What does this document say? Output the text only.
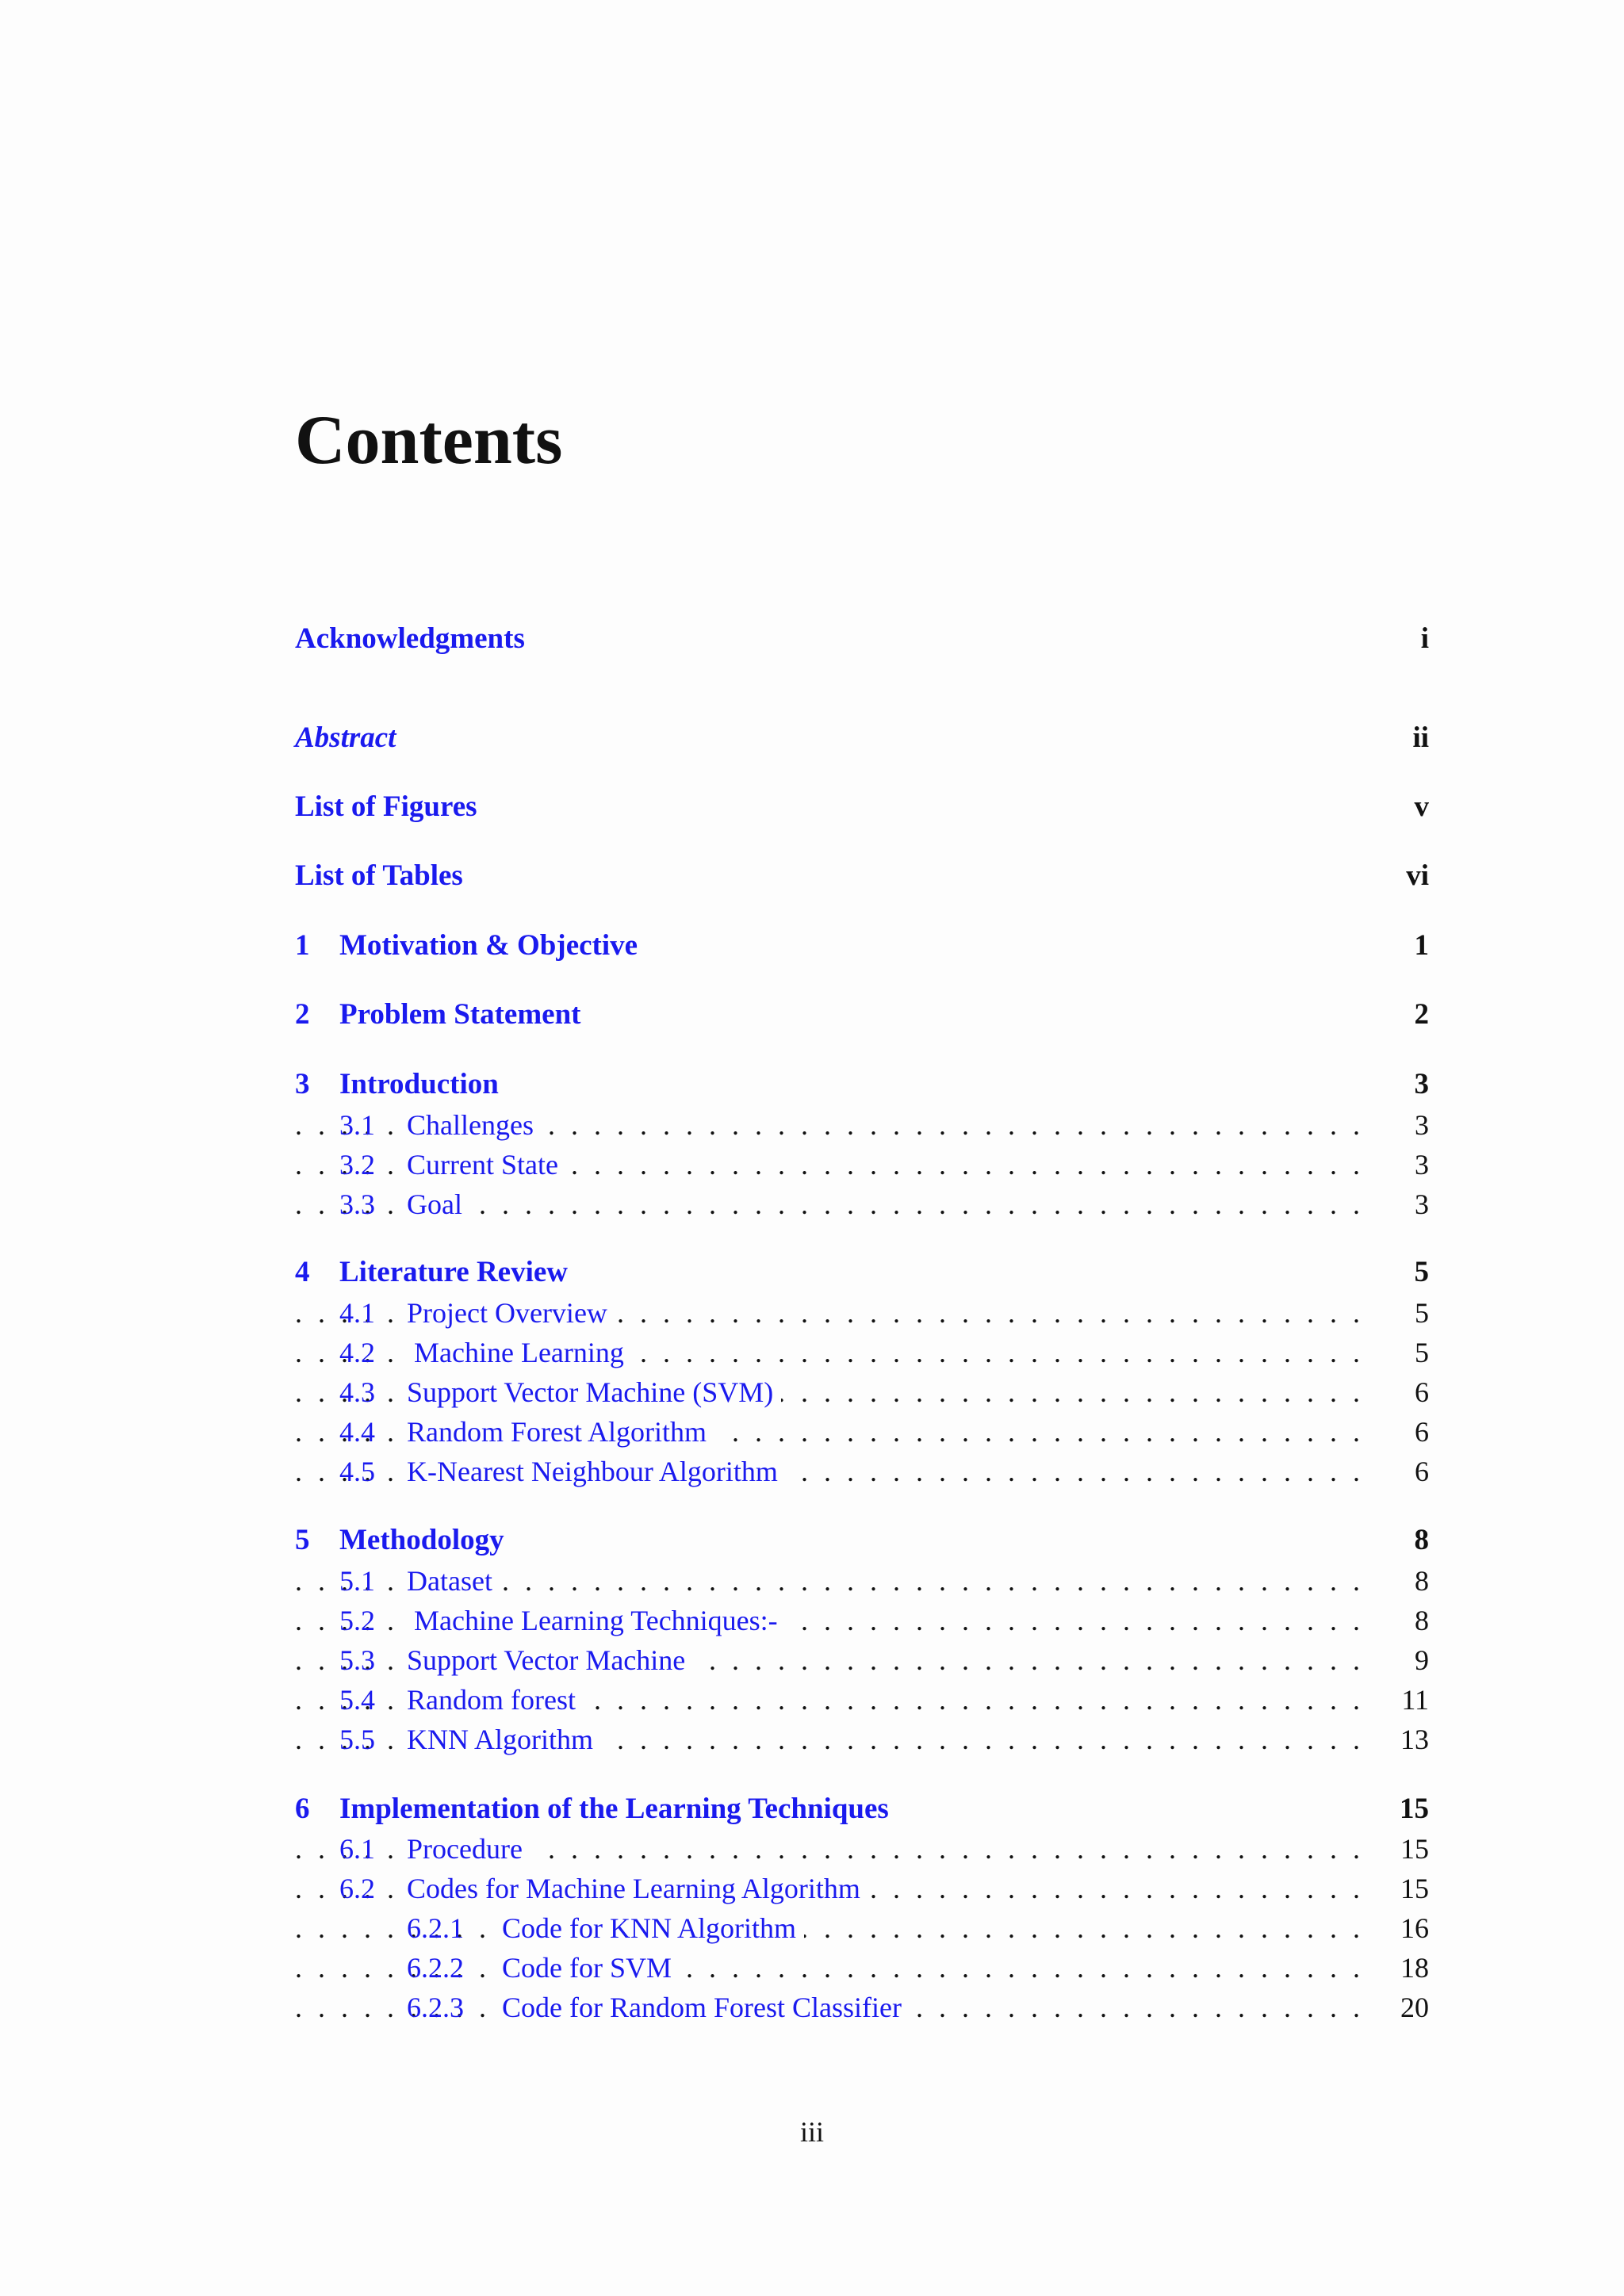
Contents
Acknowledgments	i
Abstract	ii
List of Figures	v
List of Tables	vi
1 Motivation & Objective	1
2 Problem Statement	2
3 Introduction	3
. . .
3.1 Challenges	3
. . .
3.2 Current State	3
. . .
3.3 Goal	3
4 Literature Review	5
. . .
4.1 Project Overview	5
. . .
4.2 Machine Learning	5
. . .
4.3 Support Vector Machine (SVM)	6
. . .
4.4 Random Forest Algorithm	6
. . .
4.5 K-Nearest Neighbour Algorithm	6
5 Methodology	8
. . .
5.1 Dataset	8
. . .
5.2 Machine Learning Techniques:-	8
. . .
5.3 Support Vector Machine	9
. . .
5.4 Random forest	11
. . .
5.5 KNN Algorithm	13
6 Implementation of the Learning Techniques	15
. . .
6.1 Procedure	15
. . .
6.2 Codes for Machine Learning Algorithm	15
. . .
6.2.1 Code for KNN Algorithm	16
. . .
6.2.2 Code for SVM	18
. . .
6.2.3 Code for Random Forest Classifier	20
iii
